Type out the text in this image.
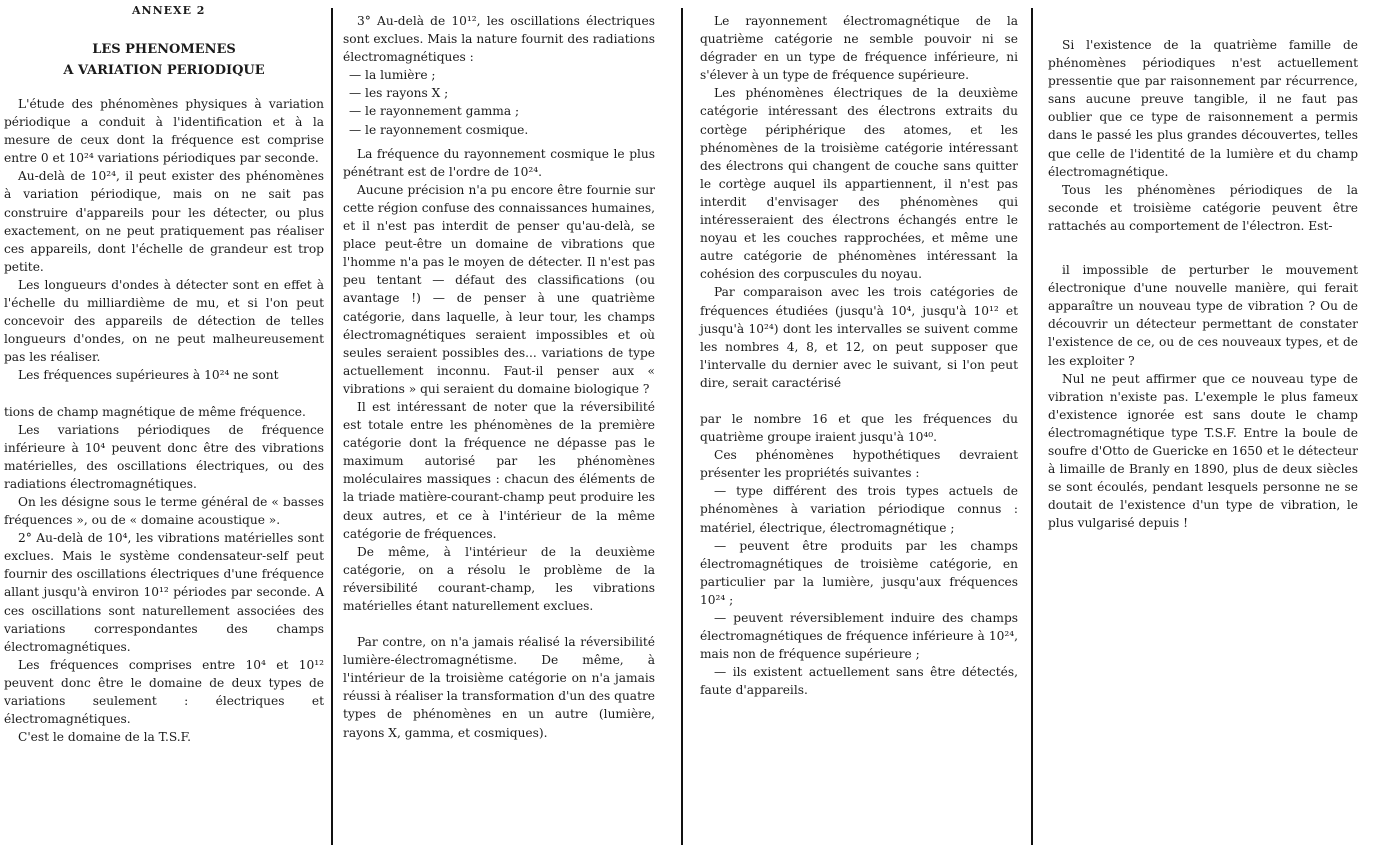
ANNEXE 2
LES PHENOMENES
A VARIATION PERIODIQUE

L'étude des phénomènes physiques à variation périodique a conduit à l'identification et à la mesure de ceux dont la fréquence est comprise entre 0 et 10²⁴ variations périodiques par seconde.

Au-delà de 10²⁴, il peut exister des phénomènes à variation périodique, mais on ne sait pas construire d'appareils pour les détecter, ou plus exactement, on ne peut pratiquement pas réaliser ces appareils, dont l'échelle de grandeur est trop petite.

Les longueurs d'ondes à détecter sont en effet à l'échelle du milliardième de mu, et si l'on peut concevoir des appareils de détection de telles longueurs d'ondes, on ne peut malheureusement pas les réaliser.

Les fréquences supérieures à 10²⁴ ne sont

tions de champ magnétique de même fréquence.

Les variations périodiques de fréquence inférieure à 10⁴ peuvent donc être des vibrations matérielles, des oscillations électriques, ou des radiations électromagnétiques.

On les désigne sous le terme général de « basses fréquences », ou de « domaine acoustique ».

2° Au-delà de 10⁴, les vibrations matérielles sont exclues. Mais le système condensateur-self peut fournir des oscillations électriques d'une fréquence allant jusqu'à environ 10¹² périodes par seconde. A ces oscillations sont naturellement associées des variations correspondantes des champs électromagnétiques.

Les fréquences comprises entre 10⁴ et 10¹² peuvent donc être le domaine de deux types de variations seulement : électriques et électromagnétiques.

C'est le domaine de la T.S.F.

3° Au-delà de 10¹², les oscillations électriques sont exclues. Mais la nature fournit des radiations électromagnétiques :

— la lumière ;
— les rayons X ;
— le rayonnement gamma ;
— le rayonnement cosmique.

La fréquence du rayonnement cosmique le plus pénétrant est de l'ordre de 10²⁴.

Aucune précision n'a pu encore être fournie sur cette région confuse des connaissances humaines, et il n'est pas interdit de penser qu'au-delà, se place peut-être un domaine de vibrations que l'homme n'a pas le moyen de détecter. Il n'est pas peu tentant — défaut des classifications (ou avantage !) — de penser à une quatrième catégorie, dans laquelle, à leur tour, les champs électromagnétiques seraient impossibles et où seules seraient possibles des... variations de type actuellement inconnu. Faut-il penser aux « vibrations » qui seraient du domaine biologique ?

Il est intéressant de noter que la réversibilité est totale entre les phénomènes de la première catégorie dont la fréquence ne dépasse pas le maximum autorisé par les phénomènes moléculaires massiques : chacun des éléments de la triade matière-courant-champ peut produire les deux autres, et ce à l'intérieur de la même catégorie de fréquences.

De même, à l'intérieur de la deuxième catégorie, on a résolu le problème de la réversibilité courant-champ, les vibrations matérielles étant naturellement exclues.

Par contre, on n'a jamais réalisé la réversibilité lumière-électromagnétisme. De même, à l'intérieur de la troisième catégorie on n'a jamais réussi à réaliser la transformation d'un des quatre types de phénomènes en un autre (lumière, rayons X, gamma, et cosmiques).

Le rayonnement électromagnétique de la quatrième catégorie ne semble pouvoir ni se dégrader en un type de fréquence inférieure, ni s'élever à un type de fréquence supérieure.

Les phénomènes électriques de la deuxième catégorie intéressant des électrons extraits du cortège périphérique des atomes, et les phénomènes de la troisième catégorie intéressant des électrons qui changent de couche sans quitter le cortège auquel ils appartiennent, il n'est pas interdit d'envisager des phénomènes qui intéresseraient des électrons échangés entre le noyau et les couches rapprochées, et même une autre catégorie de phénomènes intéressant la cohésion des corpuscules du noyau.

Par comparaison avec les trois catégories de fréquences étudiées (jusqu'à 10⁴, jusqu'à 10¹² et jusqu'à 10²⁴) dont les intervalles se suivent comme les nombres 4, 8, et 12, on peut supposer que l'intervalle du dernier avec le suivant, si l'on peut dire, serait caractérisé

par le nombre 16 et que les fréquences du quatrième groupe iraient jusqu'à 10⁴⁰.

Ces phénomènes hypothétiques devraient présenter les propriétés suivantes :

— type différent des trois types actuels de phénomènes à variation périodique connus : matériel, électrique, électromagnétique ;

— peuvent être produits par les champs électromagnétiques de troisième catégorie, en particulier par la lumière, jusqu'aux fréquences 10²⁴ ;

— peuvent réversiblement induire des champs électromagnétiques de fréquence inférieure à 10²⁴, mais non de fréquence supérieure ;

— ils existent actuellement sans être détectés, faute d'appareils.

Si l'existence de la quatrième famille de phénomènes périodiques n'est actuellement pressentie que par raisonnement par récurrence, sans aucune preuve tangible, il ne faut pas oublier que ce type de raisonnement a permis dans le passé les plus grandes découvertes, telles que celle de l'identité de la lumière et du champ électromagnétique.

Tous les phénomènes périodiques de la seconde et troisième catégorie peuvent être rattachés au comportement de l'électron. Est-

il impossible de perturber le mouvement électronique d'une nouvelle manière, qui ferait apparaître un nouveau type de vibration ? Ou de découvrir un détecteur permettant de constater l'existence de ce, ou de ces nouveaux types, et de les exploiter ?

Nul ne peut affirmer que ce nouveau type de vibration n'existe pas. L'exemple le plus fameux d'existence ignorée est sans doute le champ électromagnétique type T.S.F. Entre la boule de soufre d'Otto de Guericke en 1650 et le détecteur à limaille de Branly en 1890, plus de deux siècles se sont écoulés, pendant lesquels personne ne se doutait de l'existence d'un type de vibration, le plus vulgarisé depuis !
